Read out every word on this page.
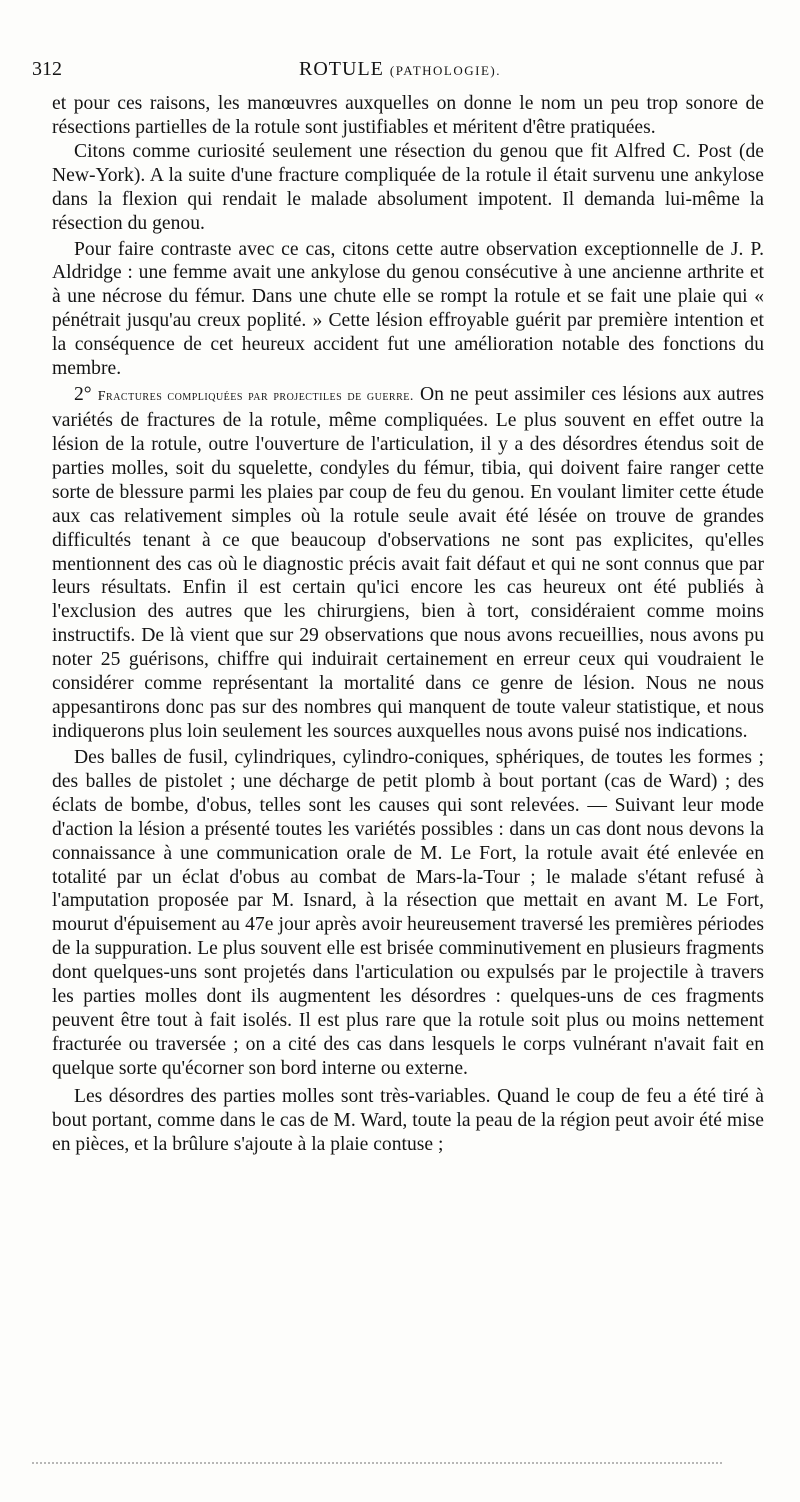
312	ROTULE (PATHOLOGIE).

et pour ces raisons, les manœuvres auxquelles on donne le nom un peu trop sonore de résections partielles de la rotule sont justifiables et méritent d'être pratiquées.

Citons comme curiosité seulement une résection du genou que fit Alfred C. Post (de New-York). A la suite d'une fracture compliquée de la rotule il était survenu une ankylose dans la flexion qui rendait le malade absolument impotent. Il demanda lui-même la résection du genou.

Pour faire contraste avec ce cas, citons cette autre observation exceptionnelle de J. P. Aldridge : une femme avait une ankylose du genou consécutive à une ancienne arthrite et à une nécrose du fémur. Dans une chute elle se rompt la rotule et se fait une plaie qui « pénétrait jusqu'au creux poplité. » Cette lésion effroyable guérit par première intention et la conséquence de cet heureux accident fut une amélioration notable des fonctions du membre.

2° Fractures compliquées par projectiles de guerre. On ne peut assimiler ces lésions aux autres variétés de fractures de la rotule, même compliquées. Le plus souvent en effet outre la lésion de la rotule, outre l'ouverture de l'articulation, il y a des désordres étendus soit de parties molles, soit du squelette, condyles du fémur, tibia, qui doivent faire ranger cette sorte de blessure parmi les plaies par coup de feu du genou. En voulant limiter cette étude aux cas relativement simples où la rotule seule avait été lésée on trouve de grandes difficultés tenant à ce que beaucoup d'observations ne sont pas explicites, qu'elles mentionnent des cas où le diagnostic précis avait fait défaut et qui ne sont connus que par leurs résultats. Enfin il est certain qu'ici encore les cas heureux ont été publiés à l'exclusion des autres que les chirurgiens, bien à tort, considéraient comme moins instructifs. De là vient que sur 29 observations que nous avons recueillies, nous avons pu noter 25 guérisons, chiffre qui induirait certainement en erreur ceux qui voudraient le considérer comme représentant la mortalité dans ce genre de lésion. Nous ne nous appesantirons donc pas sur des nombres qui manquent de toute valeur statistique, et nous indiquerons plus loin seulement les sources auxquelles nous avons puisé nos indications.

Des balles de fusil, cylindriques, cylindro-coniques, sphériques, de toutes les formes ; des balles de pistolet ; une décharge de petit plomb à bout portant (cas de Ward) ; des éclats de bombe, d'obus, telles sont les causes qui sont relevées. — Suivant leur mode d'action la lésion a présenté toutes les variétés possibles : dans un cas dont nous devons la connaissance à une communication orale de M. Le Fort, la rotule avait été enlevée en totalité par un éclat d'obus au combat de Mars-la-Tour ; le malade s'étant refusé à l'amputation proposée par M. Isnard, à la résection que mettait en avant M. Le Fort, mourut d'épuisement au 47e jour après avoir heureusement traversé les premières périodes de la suppuration. Le plus souvent elle est brisée comminutivement en plusieurs fragments dont quelques-uns sont projetés dans l'articulation ou expulsés par le projectile à travers les parties molles dont ils augmentent les désordres : quelques-uns de ces fragments peuvent être tout à fait isolés. Il est plus rare que la rotule soit plus ou moins nettement fracturée ou traversée ; on a cité des cas dans lesquels le corps vulnérant n'avait fait en quelque sorte qu'écorner son bord interne ou externe.

Les désordres des parties molles sont très-variables. Quand le coup de feu a été tiré à bout portant, comme dans le cas de M. Ward, toute la peau de la région peut avoir été mise en pièces, et la brûlure s'ajoute à la plaie contuse ;
